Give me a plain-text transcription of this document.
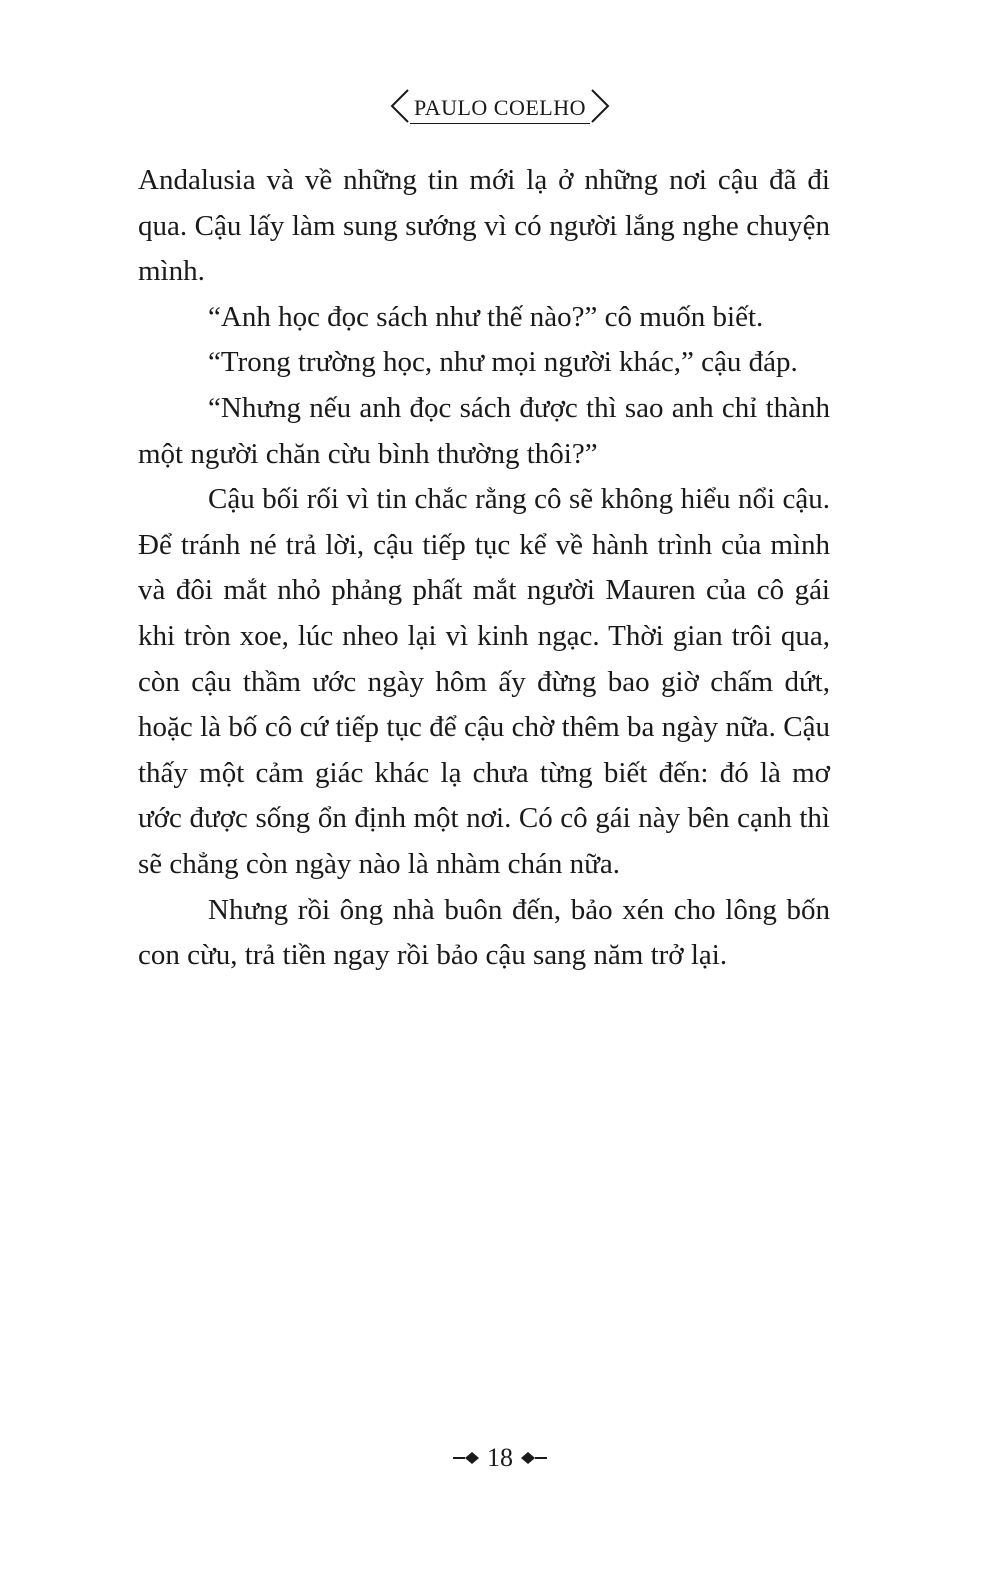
PAULO COELHO

Andalusia và về những tin mới lạ ở những nơi cậu đã đi qua. Cậu lấy làm sung sướng vì có người lắng nghe chuyện mình.

“Anh học đọc sách như thế nào?” cô muốn biết.

“Trong trường học, như mọi người khác,” cậu đáp.

“Nhưng nếu anh đọc sách được thì sao anh chỉ thành một người chăn cừu bình thường thôi?”

Cậu bối rối vì tin chắc rằng cô sẽ không hiểu nổi cậu. Để tránh né trả lời, cậu tiếp tục kể về hành trình của mình và đôi mắt nhỏ phảng phất mắt người Mauren của cô gái khi tròn xoe, lúc nheo lại vì kinh ngạc. Thời gian trôi qua, còn cậu thầm ước ngày hôm ấy đừng bao giờ chấm dứt, hoặc là bố cô cứ tiếp tục để cậu chờ thêm ba ngày nữa. Cậu thấy một cảm giác khác lạ chưa từng biết đến: đó là mơ ước được sống ổn định một nơi. Có cô gái này bên cạnh thì sẽ chẳng còn ngày nào là nhàm chán nữa.

Nhưng rồi ông nhà buôn đến, bảo xén cho lông bốn con cừu, trả tiền ngay rồi bảo cậu sang năm trở lại.

18
